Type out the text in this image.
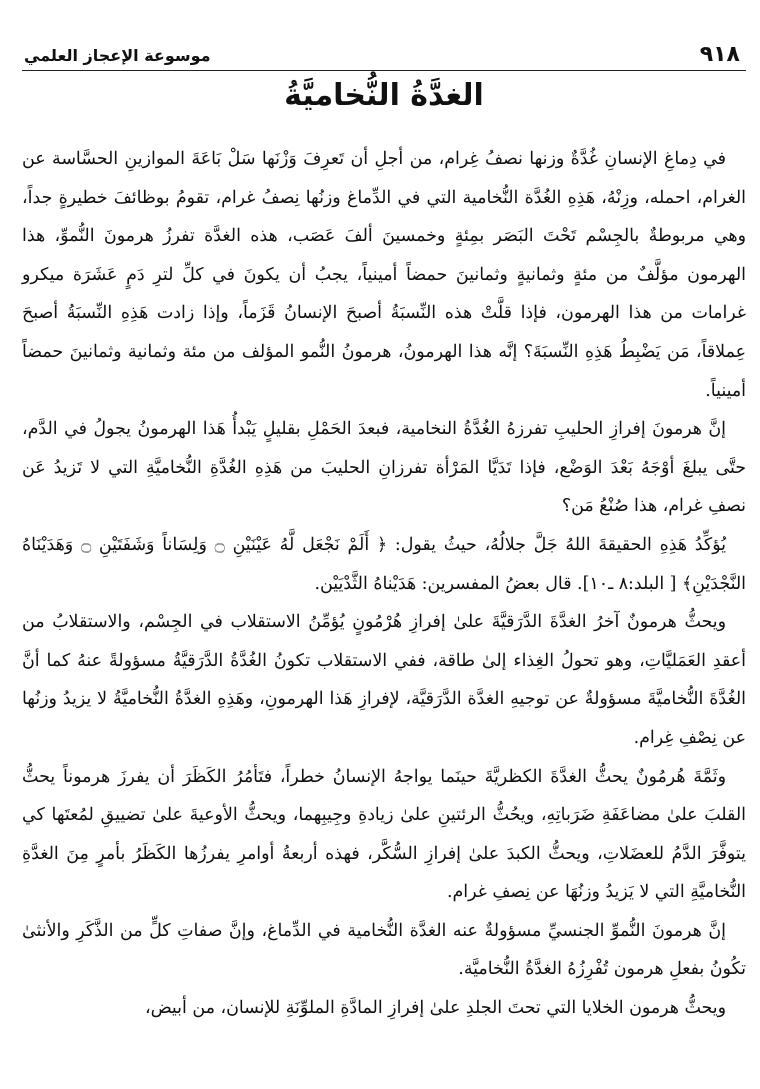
٩١٨
موسوعة الإعجاز العلمي
الغدَّةُ النُّخاميَّةُ

في دِماغِ الإنسانِ غُدَّةٌ وزنها نصفُ غِرام، من أجلِ أن تَعرِفَ وَزْنَها سَلْ بَاعَةَ الموازينِ الحسَّاسة عن الغرام، احمله، وزِنْهُ، هَذِهِ الغُدَّة النُّخامية التي في الدِّماغ وزنُها نِصفُ غرام، تقومُ بوظائفَ خطيرةٍ جداً، وهي مربوطةٌ بالجِسْم تَحْتَ البَصَر بمِئةٍ وخمسينَ ألفَ عَصَب، هذه الغدَّة تفرزُ هرمونَ النُّموِّ، هذا الهرمون مؤلَّفٌ من مئةٍ وثمانيةٍ وثمانينَ حمضاً أمينياً، يجبُ أن يكونَ في كلِّ لترِ دَمٍ عَشَرَة ميكرو غرامات من هذا الهرمون، فإذا قلَّتْ هذه النِّسبَةُ أصبحَ الإنسانُ قَزَماً، وإذا زادت هَذِهِ النِّسبَةُ أصبحَ عِملاقاً، مَن يَضْبِطُ هَذِهِ النِّسبَةَ؟ إنَّه هذا الهرمونُ، هرمونُ النُّمو المؤلف من مئة وثمانية وثمانينَ حمضاً أمينياً.

إنَّ هرمونَ إفرازِ الحليبِ تفرزهُ الغُدَّةُ النخامية، فبعدَ الحَمْلِ بقليلٍ يَبْدأُ هَذا الهرمونُ يجولُ في الدَّم، حتَّى يبلغَ أوْجَهُ بَعْدَ الوَضْع، فإذا تَدَيَّا المَرْأة تفرزانِ الحليبَ من هَذِهِ الغُدَّةِ النُّخاميَّةِ التي لا تَزيدُ عَن نصفِ غرام، هذا صُنْعُ مَن؟

يُؤكِّدُ هَذِهِ الحقيقةَ اللهُ جَلَّ جلالُهُ، حيثُ يقول: ﴿ أَلَمْ نَجْعَل لَّهُ عَيْنَيْنِ ۝ وَلِسَاناً وَشَفَتَيْنِ ۝ وَهَدَيْنَاهُ النَّجْدَيْنِ﴾ [ البلد:٨ ـ١٠]. قال بعضُ المفسرين: هَدَيْناهُ الثَّدْيَيْن.

ويحثُّ هرمونٌ آخرُ الغدَّةَ الدَّرَقيَّةَ علىٰ إفرازِ هُرْمُونٍ يُؤمِّنُ الاستقلاب في الجِسْم، والاستقلابُ من أعقدِ العَمَليَّاتِ، وهو تحولُ الغِذاء إلىٰ طاقة، ففي الاستقلاب تكونُ الغُدَّةُ الدَّرَقيَّةُ مسؤولةً عنهُ كما أنَّ الغُدَّةَ النُّخاميَّةَ مسؤولةٌ عن توجيهِ الغدَّة الدَّرَقيَّة، لإفرازِ هَذا الهرمونِ، وهَذِهِ الغدَّةُ النُّخاميَّةُ لا يزيدُ وزنُها عن نِصْفِ غِرام.

وثَمَّةَ هُرمُونٌ يحثُّ الغدَّةَ الكظريَّةَ حينَما يواجهُ الإنسانُ خطراً، فتَأمُرُ الكَظَرَ أن يفرزَ هرموناً يحثُّ القلبَ علىٰ مضاعَفَةِ ضَرَباتِهِ، ويحُثُّ الرئتينِ علىٰ زيادةِ وجِيبِهما، ويحثُّ الأوعيةَ علىٰ تضييقِ لمُعتَها كي يتوفَّرَ الدَّمُ للعضَلاتِ، ويحثُّ الكبدَ علىٰ إفرازِ السُّكَّر، فهذه أربعةُ أوامرِ يفرزُها الكَظَرُ بأمرٍ مِنَ الغدَّةِ النُّخاميَّةِ التي لا يَزيدُ وزنُهَا عن نِصفِ غرام.

إنَّ هرمونَ النُّموِّ الجنسيِّ مسؤولةٌ عنه الغدَّة النُّخامية في الدِّماغ، وإنَّ صفاتِ كلٍّ من الذَّكَرِ والأنثىٰ تكُونُ بفعلِ هرمون تُفْرِزُهُ الغدَّةُ النُّخاميَّة.

ويحثُّ هرمون الخلايا التي تحتَ الجلدِ علىٰ إفرازِ المادَّةِ الملوِّنَةِ للإنسان، من أبيض،
